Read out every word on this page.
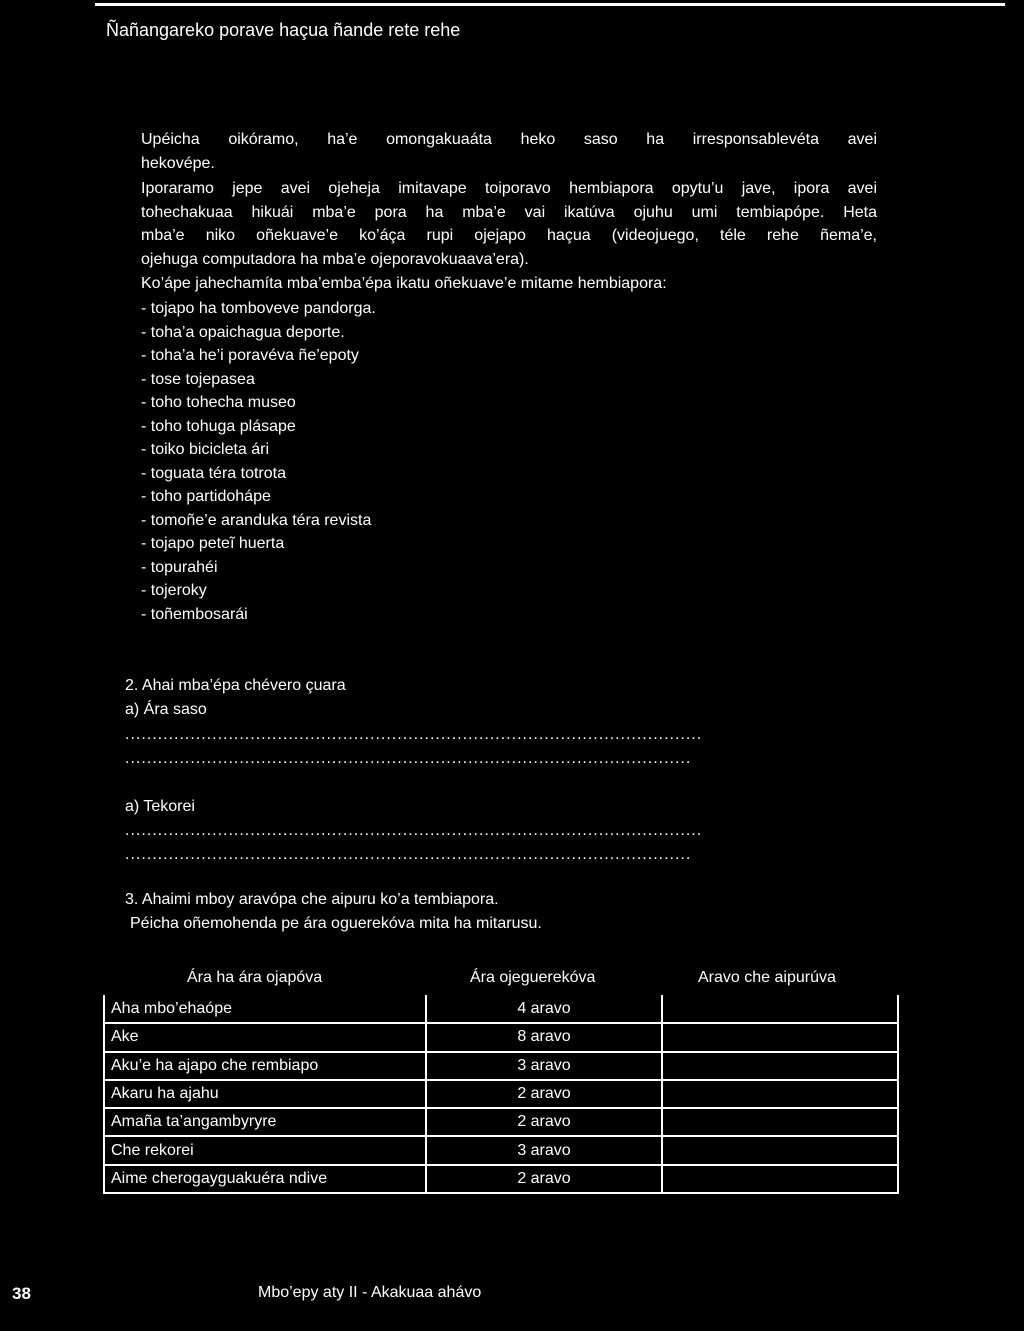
Ñañangareko porave haçua ñande rete rehe
Upéicha oikóramo, ha’e omongakuaáta heko saso ha irresponsablevéta avei
hekovépe.
Iporaramo jepe avei ojeheja imitavape toiporavo hembiapora opytu’u jave, ipora avei
tohechakuaa hikuái mba’e pora ha mba’e vai ikatúva ojuhu umi tembiapópe. Heta
mba’e niko oñekuave’e ko’áça rupi ojejapo haçua (videojuego, téle rehe ñema’e,
ojehuga computadora ha mba’e ojeporavokuaava’era).
Ko’ápe jahechamíta mba’emba’épa ikatu oñekuave’e mitame hembiapora:
- tojapo ha tomboveve pandorga.
- toha’a opaichagua deporte.
- toha’a he’i poravéva ñe’epoty
- tose tojepasea
- toho tohecha museo
- toho tohuga plásape
- toiko bicicleta ári
- toguata téra totrota
- toho partidohápe
- tomoñe’e aranduka téra revista
- tojapo peteĩ huerta
- topurahéi
- tojeroky
- toñembosarái
2. Ahai mba’épa chévero çuara
a) Ára saso
..........................................................................................................
........................................................................................................
a) Tekorei
..........................................................................................................
........................................................................................................
3. Ahaimi mboy aravópa che aipuru ko’a tembiapora.
Péicha oñemohenda pe ára oguerekóva mita ha mitarusu.
Ára ha ára ojapóva	Ára ojeguerekóva	Aravo che aipurúva
Aha mbo’ehaópe	4 aravo	
Ake	8 aravo	
Aku’e ha ajapo che rembiapo	3 aravo	
Akaru ha ajahu	2 aravo	
Amaña ta’angambyryre	2 aravo	
Che rekorei	3 aravo	
Aime cherogayguakuéra ndive	2 aravo	
38	Mbo’epy aty II - Akakuaa ahávo
